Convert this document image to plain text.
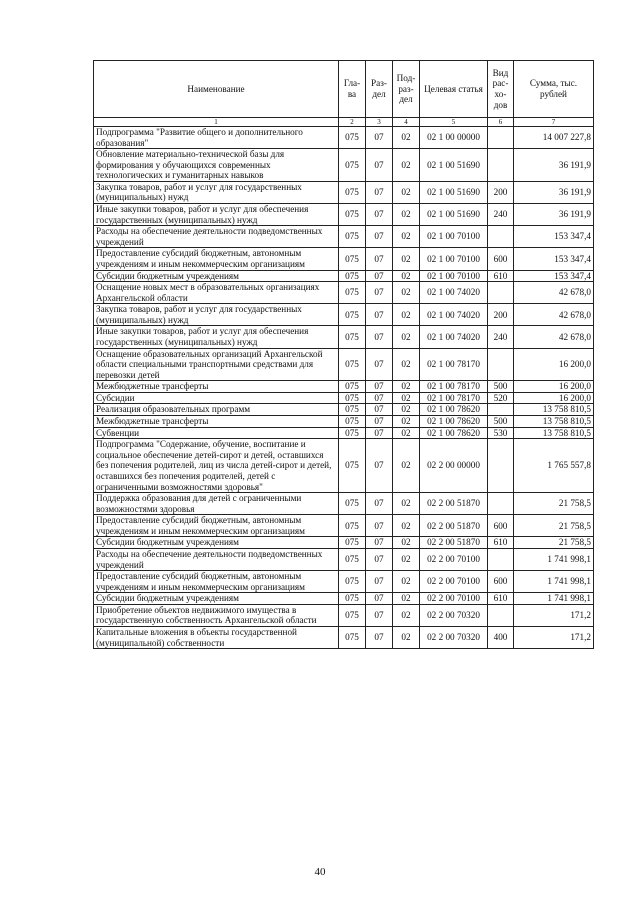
Наименование	Гла-ва	Раз-дел	Под-раз-дел	Целевая статья	Вид рас-хо-дов	Сумма, тыс. рублей
1	2	3	4	5	6	7
Подпрограмма "Развитие общего и дополнительного образования"	075	07	02	02 1 00 00000		14 007 227,8
Обновление материально-технической базы для формирования у обучающихся современных технологических и гуманитарных навыков	075	07	02	02 1 00 51690		36 191,9
Закупка товаров, работ и услуг для государственных (муниципальных) нужд	075	07	02	02 1 00 51690	200	36 191,9
Иные закупки товаров, работ и услуг для обеспечения государственных (муниципальных) нужд	075	07	02	02 1 00 51690	240	36 191,9
Расходы на обеспечение деятельности подведомственных учреждений	075	07	02	02 1 00 70100		153 347,4
Предоставление субсидий бюджетным, автономным учреждениям и иным некоммерческим организациям	075	07	02	02 1 00 70100	600	153 347,4
Субсидии бюджетным учреждениям	075	07	02	02 1 00 70100	610	153 347,4
Оснащение новых мест в образовательных организациях Архангельской области	075	07	02	02 1 00 74020		42 678,0
Закупка товаров, работ и услуг для государственных (муниципальных) нужд	075	07	02	02 1 00 74020	200	42 678,0
Иные закупки товаров, работ и услуг для обеспечения государственных (муниципальных) нужд	075	07	02	02 1 00 74020	240	42 678,0
Оснащение образовательных организаций Архангельской области специальными транспортными средствами для перевозки детей	075	07	02	02 1 00 78170		16 200,0
Межбюджетные трансферты	075	07	02	02 1 00 78170	500	16 200,0
Субсидии	075	07	02	02 1 00 78170	520	16 200,0
Реализация образовательных программ	075	07	02	02 1 00 78620		13 758 810,5
Межбюджетные трансферты	075	07	02	02 1 00 78620	500	13 758 810,5
Субвенции	075	07	02	02 1 00 78620	530	13 758 810,5
Подпрограмма "Содержание, обучение, воспитание и социальное обеспечение детей-сирот и детей, оставшихся без попечения родителей, лиц из числа детей-сирот и детей, оставшихся без попечения родителей, детей с ограниченными возможностями здоровья"	075	07	02	02 2 00 00000		1 765 557,8
Поддержка образования для детей с ограниченными возможностями здоровья	075	07	02	02 2 00 51870		21 758,5
Предоставление субсидий бюджетным, автономным учреждениям и иным некоммерческим организациям	075	07	02	02 2 00 51870	600	21 758,5
Субсидии бюджетным учреждениям	075	07	02	02 2 00 51870	610	21 758,5
Расходы на обеспечение деятельности подведомственных учреждений	075	07	02	02 2 00 70100		1 741 998,1
Предоставление субсидий бюджетным, автономным учреждениям и иным некоммерческим организациям	075	07	02	02 2 00 70100	600	1 741 998,1
Субсидии бюджетным учреждениям	075	07	02	02 2 00 70100	610	1 741 998,1
Приобретение объектов недвижимого имущества в государственную собственность Архангельской области	075	07	02	02 2 00 70320		171,2
Капитальные вложения в объекты государственной (муниципальной) собственности	075	07	02	02 2 00 70320	400	171,2
40
